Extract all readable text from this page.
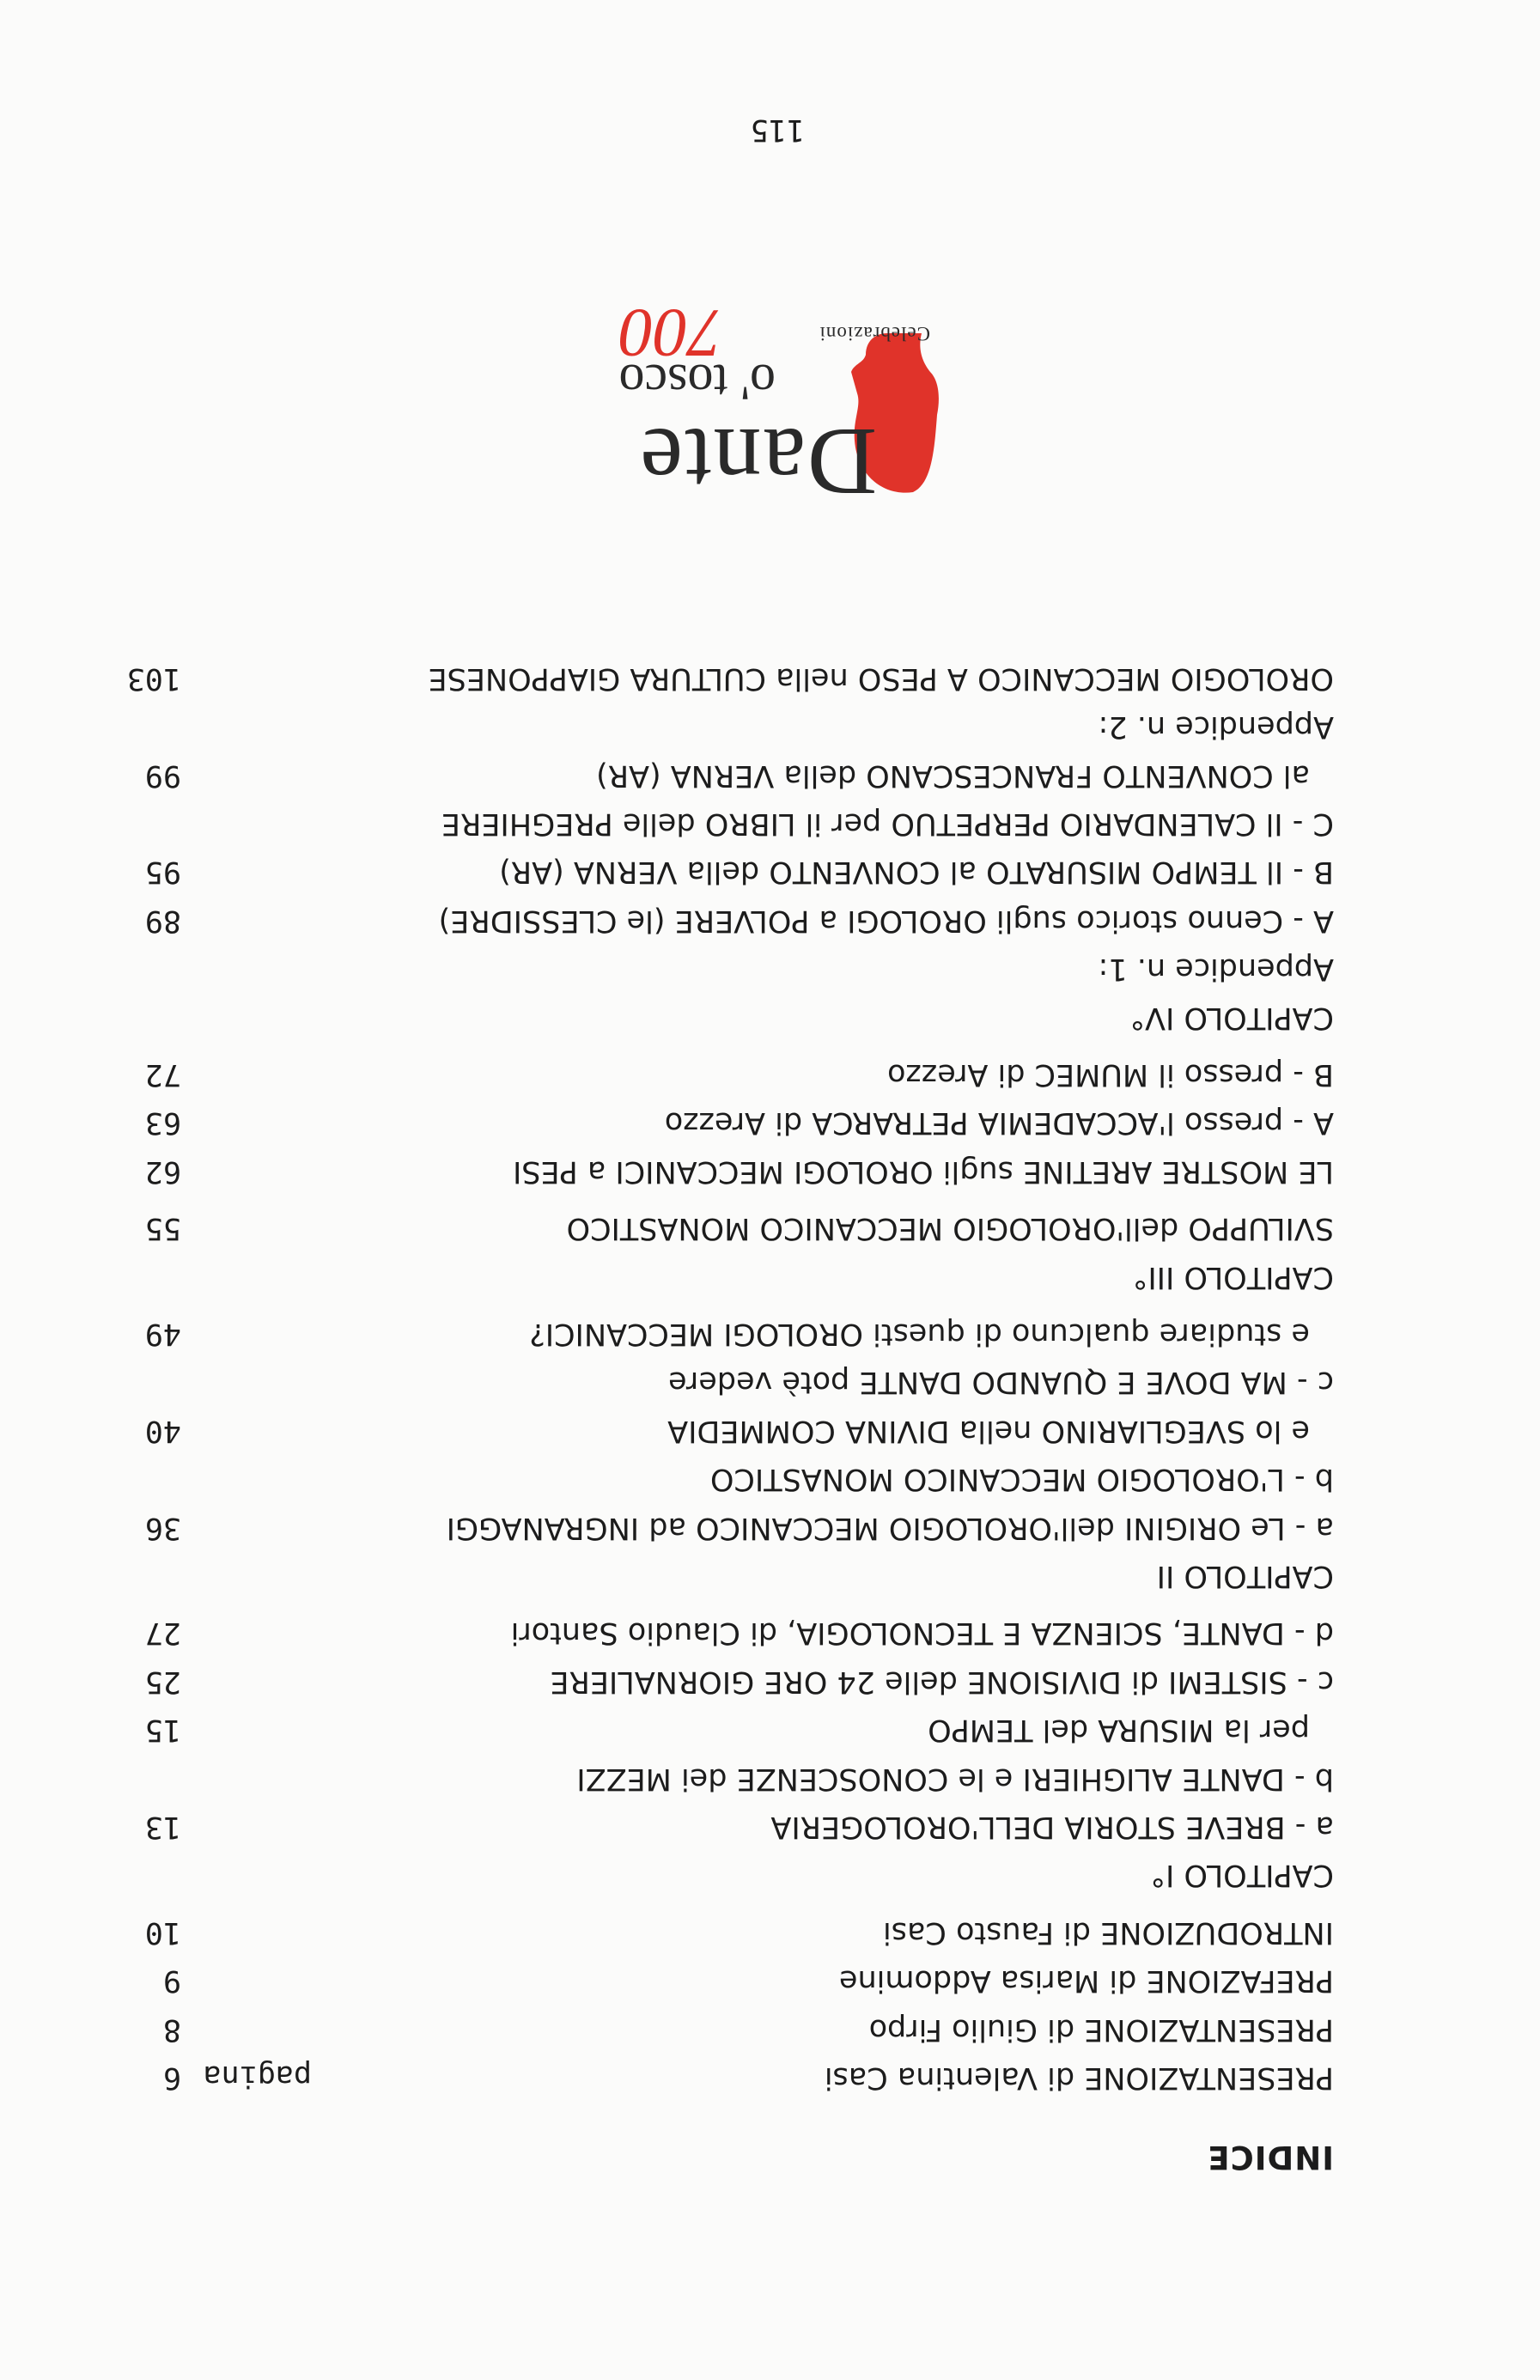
INDICE
pagina	PRESENTAZIONE di Valentina Casi
6
PRESENTAZIONE di Giulio Firpo
8
PREFAZIONE di Marisa Addomine
9
INTRODUZIONE di Fausto Casi
10
CAPITOLO I°
a - BREVE STORIA DELL'OROLOGERIA
13
b - DANTE ALIGHIERI e le CONOSCENZE dei MEZZI
per la MISURA del TEMPO
15
c - SISTEMI di DIVISIONE delle 24 ORE GIORNALIERE
25
d - DANTE, SCIENZA E TECNOLOGIA, di Claudio Santori
27
CAPITOLO II
a - Le ORIGINI dell'OROLOGIO MECCANICO ad INGRANAGGI
36
b - L'OROLOGIO MECCANICO MONASTICO
e lo SVEGLIARINO nella DIVINA COMMEDIA
40
c - MA DOVE E QUANDO DANTE potè vedere
e studiare qualcuno di questi OROLOGI MECCANICI?
49
CAPITOLO III°
SVILUPPO dell'OROLOGIO MECCANICO MONASTICO
55
LE MOSTRE ARETINE sugli OROLOGI MECCANICI a PESI
62
A - presso l'ACCADEMIA PETRARCA di Arezzo
63
B - presso il MUMEC di Arezzo
72
CAPITOLO IV°
Appendice n. 1:
A - Cenno storico sugli OROLOGI a POLVERE (le CLESSIDRE)
89
B - Il TEMPO MISURATO al CONVENTO della VERNA (AR)
95
C - Il CALENDARIO PERPETUO per il LIBRO delle PREGHIERE
al CONVENTO FRANCESCANO della VERNA (AR)
99
Appendice n. 2:
OROLOGIO MECCANICO A PESO nella CULTURA GIAPPONESE
103
Dante
o' tosco
Celebrazioni
700
115
